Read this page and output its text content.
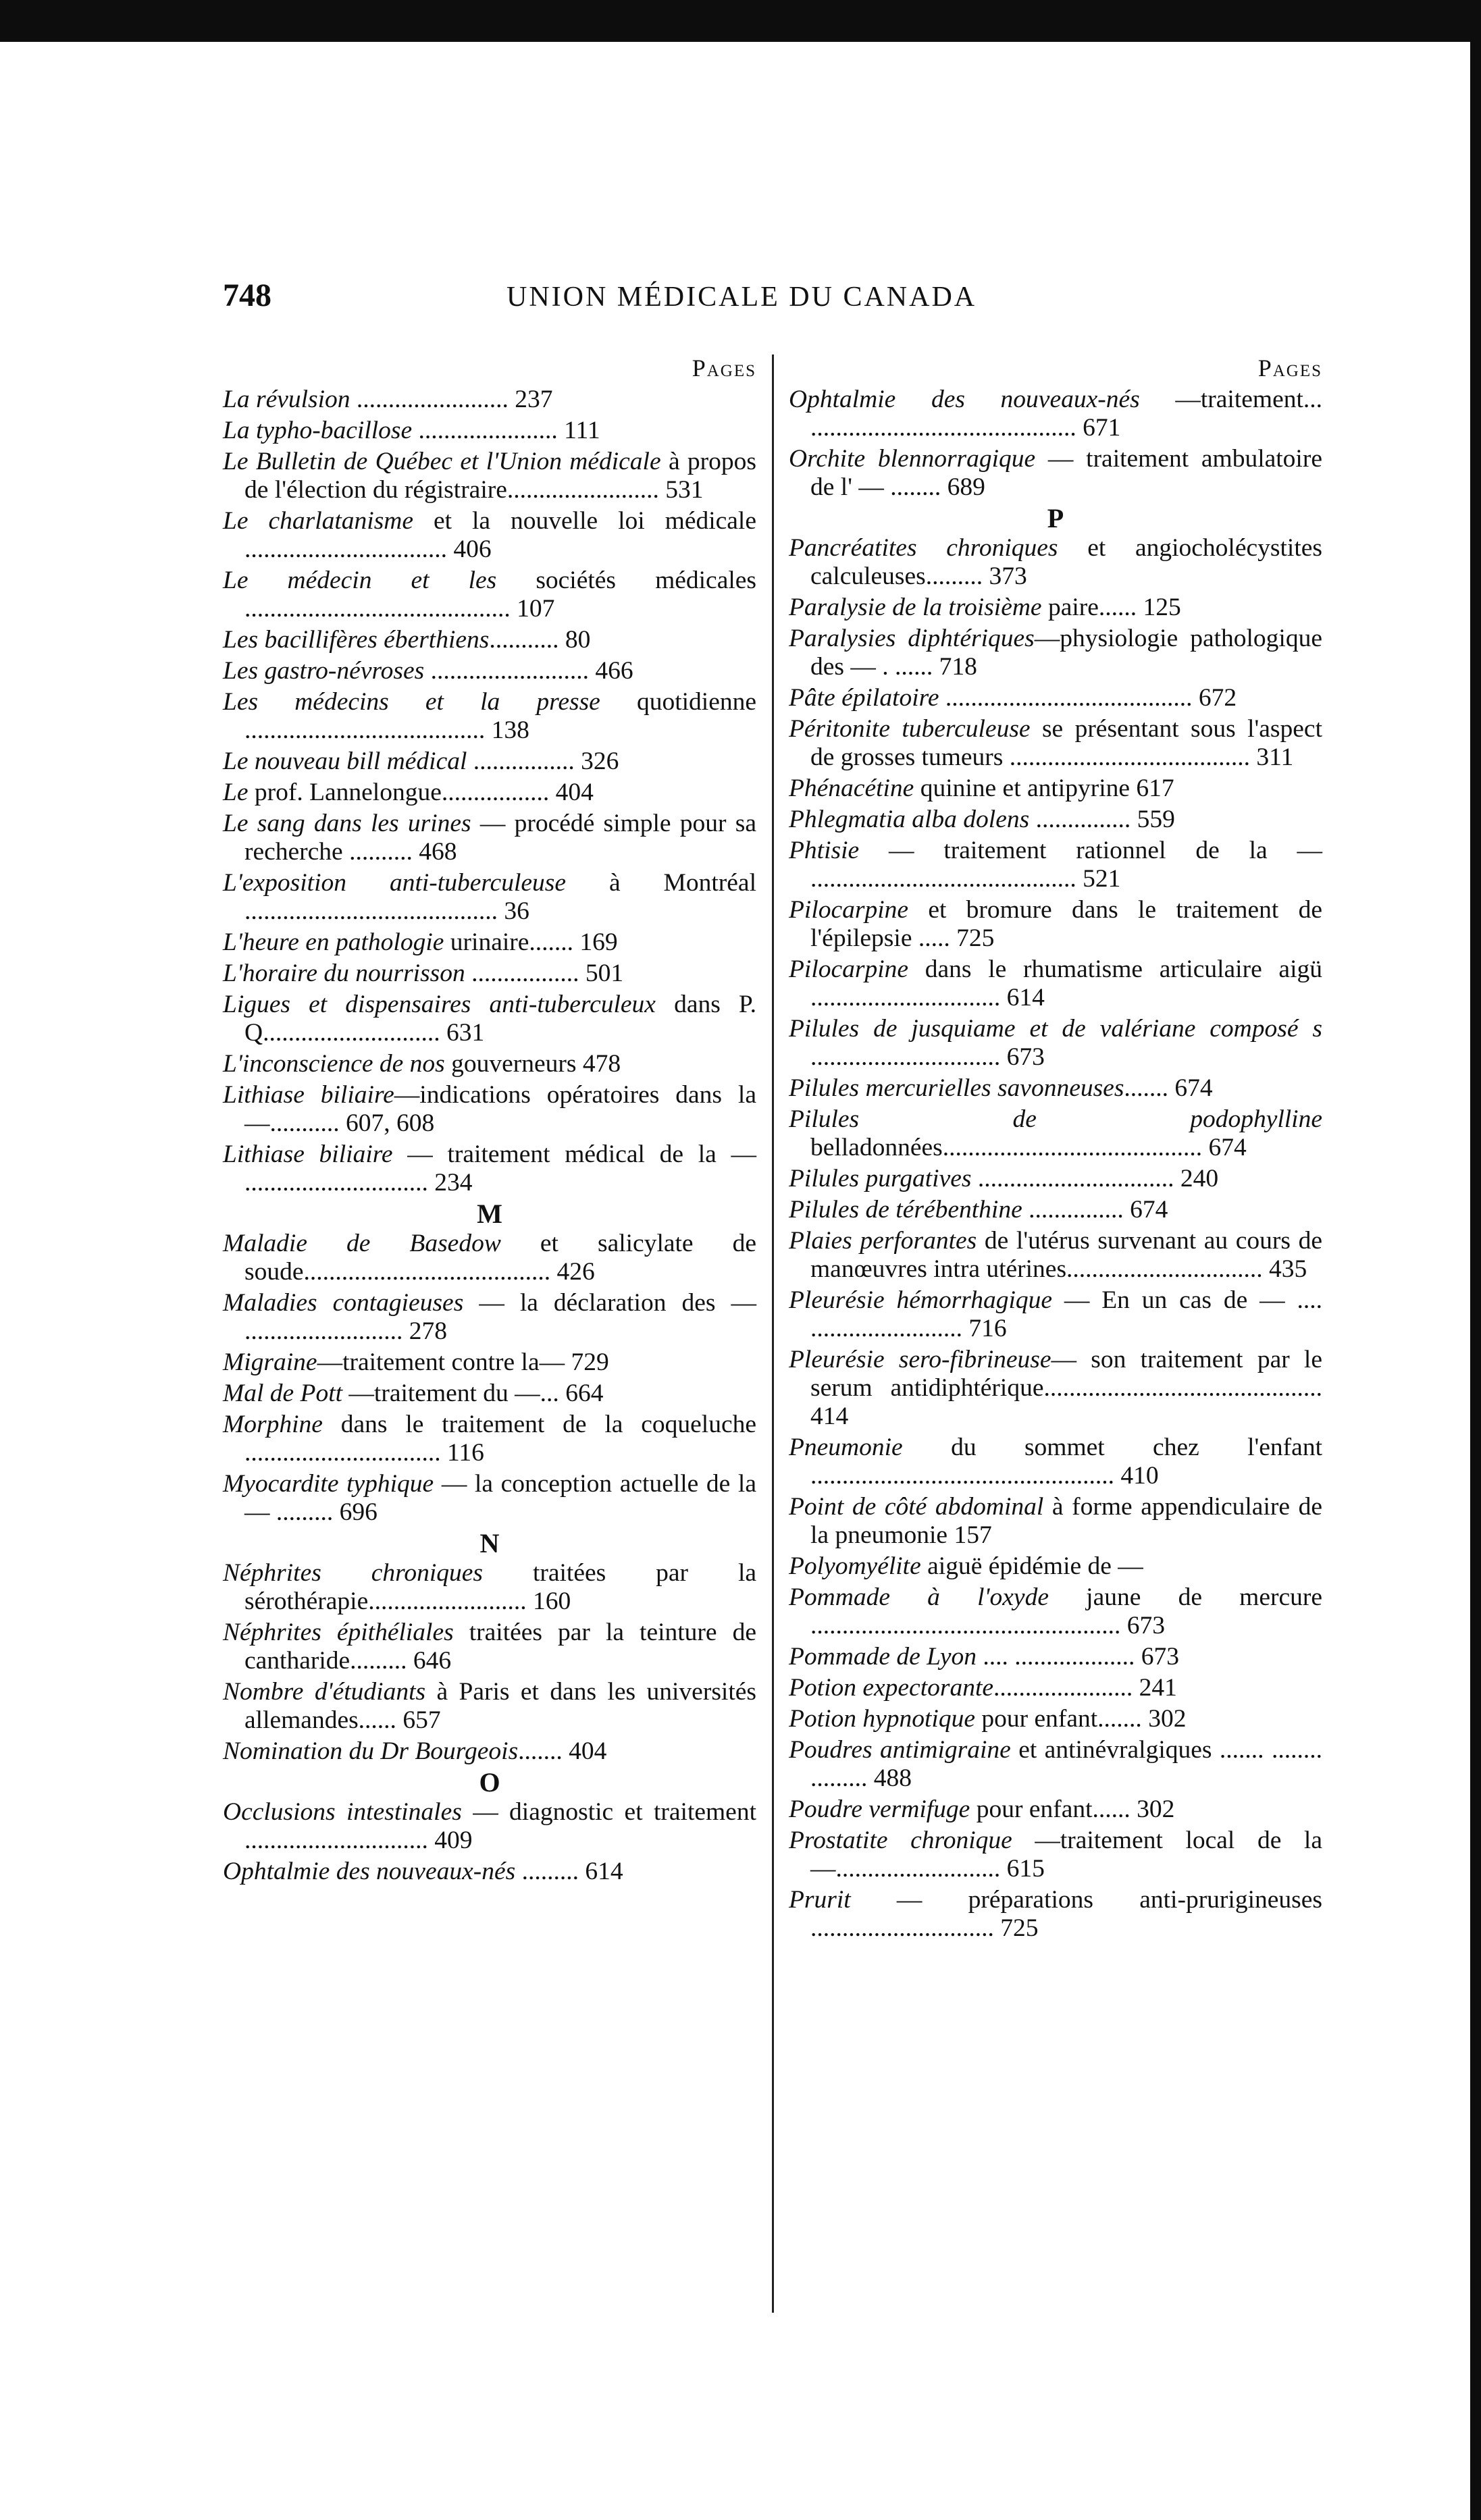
748	UNION MÉDICALE DU CANADA
Pages

La révulsion ........................ 237

La typho-bacillose ...................... 111

Le Bulletin de Québec et l'Union médicale à propos de l'élection du régistraire........................ 531

Le charlatanisme et la nouvelle loi médicale ................................ 406

Le médecin et les sociétés médicales .......................................... 107

Les bacillifères éberthiens........... 80

Les gastro-névroses ......................... 466

Les médecins et la presse quotidienne ...................................... 138

Le nouveau bill médical ................ 326

Le prof. Lannelongue................. 404

Le sang dans les urines — procédé simple pour sa recherche .......... 468

L'exposition anti-tuberculeuse à Montréal ........................................ 36

L'heure en pathologie urinaire....... 169

L'horaire du nourrisson ................. 501

Ligues et dispensaires anti-tuberculeux dans P. Q............................ 631

L'inconscience de nos gouverneurs 478

Lithiase biliaire—indications opératoires dans la —........... 607, 608

Lithiase biliaire — traitement médical de la — ............................. 234

M

Maladie de Basedow et salicylate de soude....................................... 426

Maladies contagieuses — la déclaration des — ......................... 278

Migraine—traitement contre la— 729

Mal de Pott —traitement du —... 664

Morphine dans le traitement de la coqueluche ............................... 116

Myocardite typhique — la conception actuelle de la — ......... 696

N

Néphrites chroniques traitées par la sérothérapie......................... 160

Néphrites épithéliales traitées par la teinture de cantharide......... 646

Nombre d'étudiants à Paris et dans les universités allemandes...... 657

Nomination du Dr Bourgeois....... 404

O

Occlusions intestinales — diagnostic et traitement ............................. 409

Ophtalmie des nouveaux-nés ......... 614

Pages

Ophtalmie des nouveaux-nés —traitement... .......................................... 671

Orchite blennorragique — traitement ambulatoire de l' — ........ 689

P

Pancréatites chroniques et angiocholécystites calculeuses......... 373

Paralysie de la troisième paire...... 125

Paralysies diphtériques—physiologie pathologique des — . ...... 718

Pâte épilatoire ....................................... 672

Péritonite tuberculeuse se présentant sous l'aspect de grosses tumeurs ...................................... 311

Phénacétine quinine et antipyrine 617

Phlegmatia alba dolens ............... 559

Phtisie — traitement rationnel de la — .......................................... 521

Pilocarpine et bromure dans le traitement de l'épilepsie ..... 725

Pilocarpine dans le rhumatisme articulaire aigü .............................. 614

Pilules de jusquiame et de valériane composé s .............................. 673

Pilules mercurielles savonneuses....... 674

Pilules de podophylline belladonnées......................................... 674

Pilules purgatives ............................... 240

Pilules de térébenthine ............... 674

Plaies perforantes de l'utérus survenant au cours de manœuvres intra utérines............................... 435

Pleurésie hémorrhagique — En un cas de — .... ........................ 716

Pleurésie sero-fibrineuse— son traitement par le serum antidiphtérique............................................ 414

Pneumonie du sommet chez l'enfant ................................................ 410

Point de côté abdominal à forme appendiculaire de la pneumonie 157

Polyomyélite aiguë épidémie de —

Pommade à l'oxyde jaune de mercure ................................................. 673

Pommade de Lyon .... ................... 673

Potion expectorante...................... 241

Potion hypnotique pour enfant....... 302

Poudres antimigraine et antinévralgiques ....... ........ ......... 488

Poudre vermifuge pour enfant...... 302

Prostatite chronique —traitement local de la —.......................... 615

Prurit — préparations anti-prurigineuses ............................. 725
